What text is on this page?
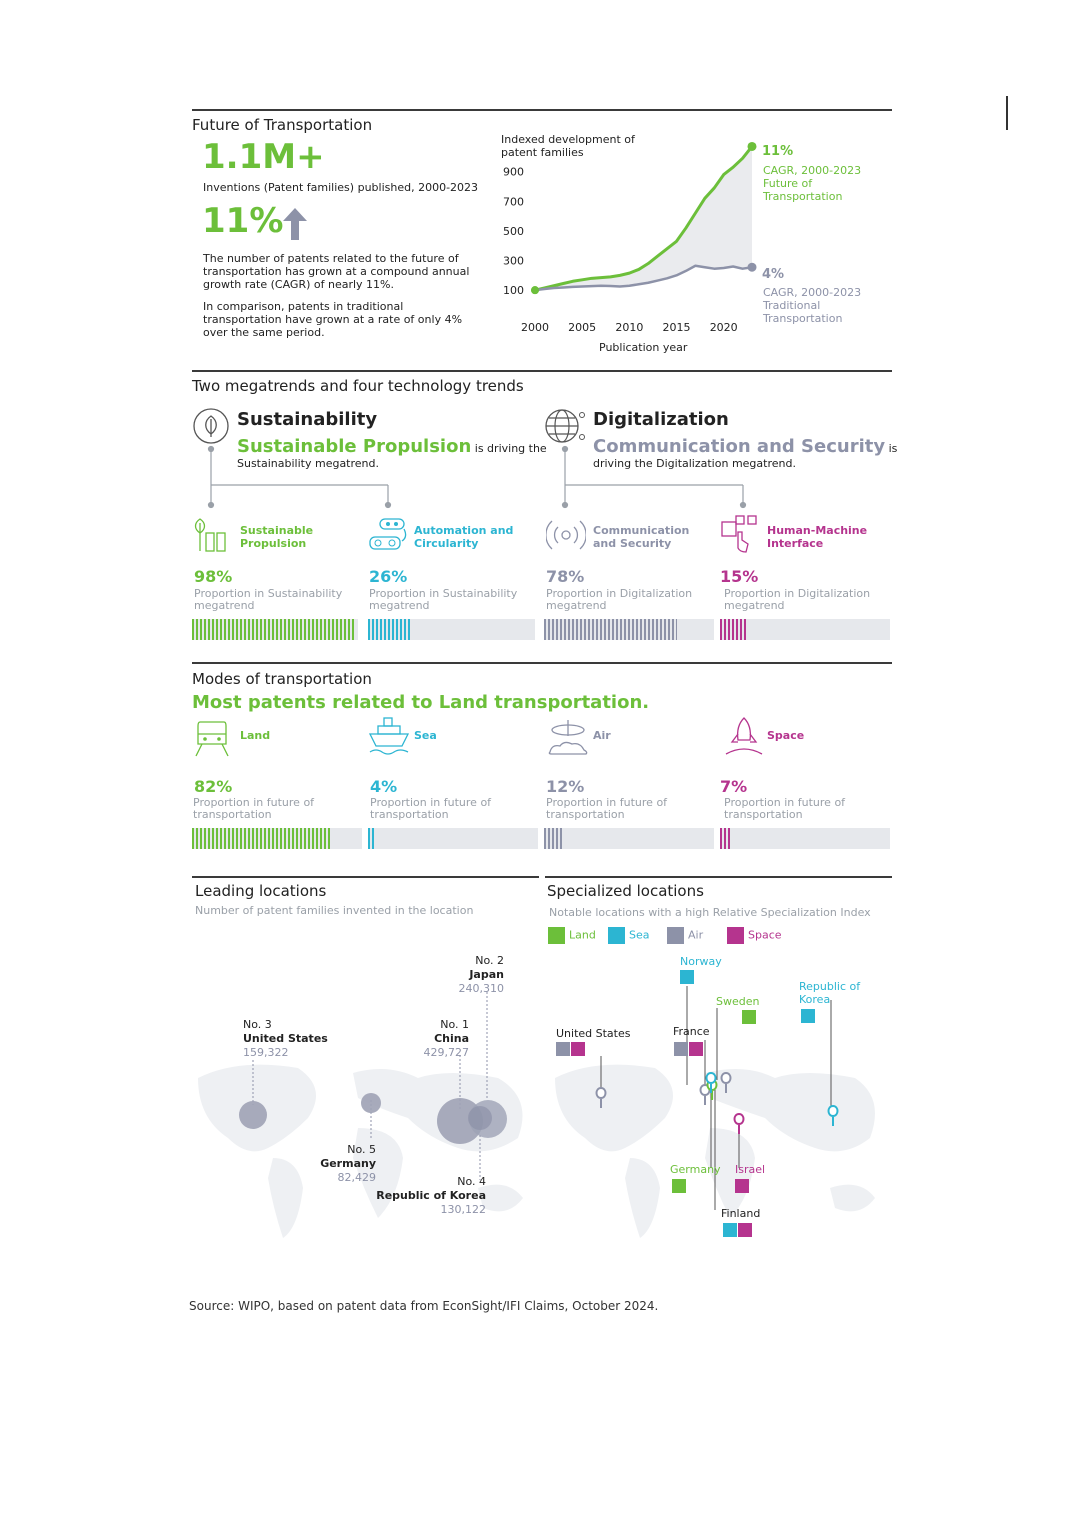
Future of Transportation
1.1M+
Inventions (Patent families) published, 2000-2023
11%
The number of patents related to the future of transportation has grown at a compound annual growth rate (CAGR) of nearly 11%.
In comparison, patents in traditional transportation have grown at a rate of only 4% over the same period.
Indexed development of patent families
100
300
500
700
900
2000 2005 2010 2015 2020
Publication year
11%
CAGR, 2000-2023 Future of Transportation
4%
CAGR, 2000-2023 Traditional Transportation
Two megatrends and four technology trends
Sustainability
Sustainable Propulsion is driving the
Sustainability megatrend.
Digitalization
Communication and Security is
driving the Digitalization megatrend.
Sustainable
Propulsion
98%
Proportion in Sustainability
megatrend
Automation and
Circularity
26%
Proportion in Sustainability
megatrend
Communication
and Security
78%
Proportion in Digitalization
megatrend
Human-Machine
Interface
15%
Proportion in Digitalization
megatrend
Modes of transportation
Most patents related to Land transportation.
Land
82%
Proportion in future of
transportation
Sea
4%
Proportion in future of
transportation
Air
12%
Proportion in future of
transportation
Space
7%
Proportion in future of
transportation
Leading locations
Number of patent families invented in the location
No. 2
Japan
240,310
No. 3
United States
159,322
No. 1
China
429,727
No. 5
Germany
82,429	No. 4
Republic of Korea
130,122
Specialized locations
Notable locations with a high Relative Specialization Index
Land	Sea	Air	Space
Norway
Sweden
Republic of
Korea
United States	France
Germany Israel
Finland
Source: WIPO, based on patent data from EconSight/IFI Claims, October 2024.
